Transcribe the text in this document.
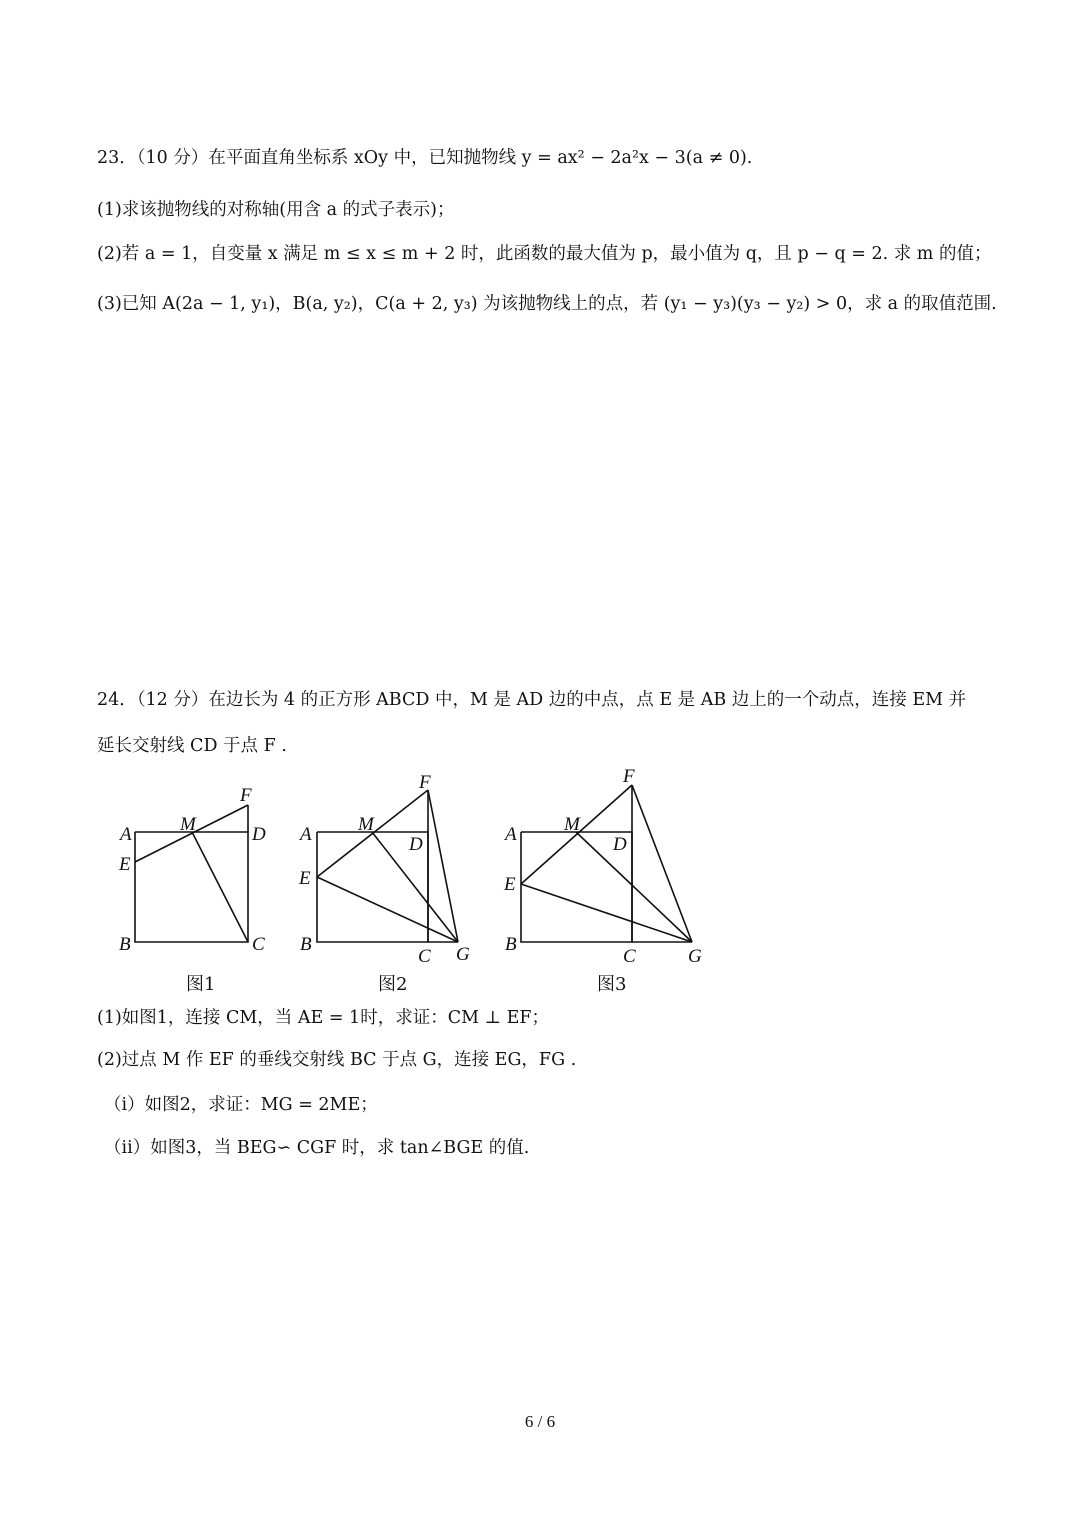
23．（10 分）在平面直角坐标系 xOy 中，已知抛物线 y = ax² − 2a²x − 3(a ≠ 0).
(1)求该抛物线的对称轴(用含 a 的式子表示)；
(2)若 a = 1，自变量 x 满足 m ≤ x ≤ m + 2 时，此函数的最大值为 p，最小值为 q，且 p − q = 2. 求 m 的值；
(3)已知 A(2a − 1, y₁)，B(a, y₂)，C(a + 2, y₃) 为该抛物线上的点，若 (y₁ − y₃)(y₃ − y₂) > 0，求 a 的取值范围.
24．（12 分）在边长为 4 的正方形 ABCD 中，M 是 AD 边的中点，点 E 是 AB 边上的一个动点，连接 EM 并
延长交射线 CD 于点 F .
A
E
B
M	D
C
F
图1
A
E
B
M
D
C G
F
图2
A
E
B
M
D
C	G
F
图3
(1)如图1，连接 CM，当 AE = 1时，求证：CM ⊥ EF；
(2)过点 M 作 EF 的垂线交射线 BC 于点 G，连接 EG，FG .
（i）如图2，求证：MG = 2ME；
（ii）如图3，当 BEG∽ CGF 时，求 tan∠BGE 的值.
6 / 6
